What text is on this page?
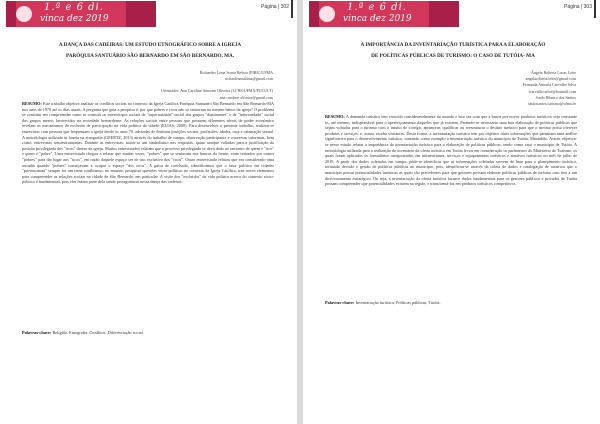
1.ª e 6 di.
vinca dez 2019
Página | 302
A DANÇA DAS CADEIRAS: UM ESTUDO ETNOGRÁFICO SOBRE A IGREJA
PARÓQUIA SANTUÁRIO SÃO BERNARDO EM SÃO BERNARDO, MA.
Richardes Lima Sousa Beleza (PIBIC/UFMA
richardesmsilima@gmail.com
Orientador: Ana Caroline Amorim Oliveira (LCHS/UFMA/PGCULT)
ana.caroline.oliveira@gmail.com
RESUMO: Este trabalho objetiva analisar os conflitos sociais no contexto da Igreja Católica Paróquia Santuário São Bernardo em São Bernardo-MA nos anos de 1970 até os dias atuais. A pergunta que guia a pesquisa é: por que pobres e ricos não se sentavam no mesmo banco da igreja? O problema se constitui em compreender como se constrói os estereótipos sociais de "superioridade" social dos grupos "dominantes" e de "inferioridade" social dos grupos menos favorecidos na sociedade bernardense. As relações sociais entre pessoas que possuem diferentes níveis de poder econômico revelam os mecanismos de exclusão de participação na vida política da cidade (ELIAS, 2000). Para desenvolver o presente trabalho, realizou-se entrevistas com pessoas que frequentam a igreja desde os anos 70, advindas de distintas posições sociais, profissões, idades, raça e orientação sexual. A metodologia utilizada se baseia na etnografia (GEERTZ, 2013) através do trabalho de campo, observação participante e conversas informais, bem como, entrevistas semiestruturadas. Durante as entrevistas, notou-se um simbolismo nas respostas, quase sempre voltadas para a justificação da posição privilegiada dos "ricos" dentro da igreja. Muitos entrevistados relatam que o processo privilegiado se deva dado ao encontro de quem é "rico" e quem é "pobre". Uma entrevistada chegou a relatar que muitas vezes, "pobres" que se sentavam nos bancos da frente, eram retirados por outros "pobres" para dar lugar aos "ricos", em razão daquele espaço ser de uso exclusivo dos "ricos". Outro entrevistado relatou que era considerado uma ousadia quando "pobres" começavam a ocupar o espaço "dos ricos". A guisa de conclusão, identificamos que o fator político em cidades "provincianas" sempre foi um tema conflituoso, no entanto, pesquisar questões sócio-políticas no contexto da Igreja Católica, traz novos elementos para compreender as relações sociais na cidade de São Bernardo, em particular. A visão dos "excluídos" da vida política acerca do contexto sócio-político é fundamental, pois eles fazem parte dela sendo protagonistas nessa dança das cadeiras.
Palavras-chave: Religião. Etnografia. Conflitos. Diferenciação social.
1.ª e 6 di.
vinca dez 2019
Página | 303
A IMPORTÂNCIA DA INVENTARIAÇÃO TURÍSTICA PARA A ELABORAÇÃO
DE POLÍTICAS PÚBLICAS DE TURISMO: O CASO DE TUTÓIA- MA
Ângela Roberta Lucas Leite
angelaroberta.leite@gmail.com
Fernanda Antonia Carvalho Silva
fcarvalho.silva@hotmail.com
Saulo Ribeiro dos Santos
saulosantos.turismo@ufma.br
RESUMO: A demanda turística tem crescido consideravelmente no mundo e isso faz com que a busca por novos produtos turísticos seja constante os, até mesmo, indispensável para o aperfeiçoamento daqueles que já existem. Partindo-se necessário uma boa elaboração de políticas públicas que sejam voltadas para o turismo com o intuito de corrigir, aprimorar, qualificar ou reestruturar o destino turístico para que o mesmo possa oferecer produtos e serviços, e, assim, receba visitantes. Desta forma, a inventariação turística tem por objetivo obter informações que permitam uma análise significativa para o desenvolvimento turístico, tornando como exemplo a inventariação turística do município de Tutóia, Maranhão. Assim, objetiva-se nesse estudo relatar a importância da inventariação turística para a elaboração de políticas públicas, tendo como caso o município de Tutóia. A metodologia utilizada para a realização do inventário da oferta turística em Tutóia levou em consideração os parâmetros do Ministério do Turismo, os quais foram aplicados os formulários categorizados em infraestrutura, serviços e equipamentos turísticos e atrativos turísticos no mês de julho de 2019. A partir dos dados coletados em campo, pôde-se identificar que as informações coletadas servem de base para o planejamento turístico, tornando decisão e gestão de políticas públicas no município, pois, identificou-se através da coleta de dados e catalogação de atrativos que o município possui potencialidades turísticas as quais são precedentes para que gestores possam elaborar políticas públicas de turismo com fins a um direcionamento estratégico. Ou seja, a inventariação da oferta turística fornece dados fundamentais para os gestores públicos e privados de Tutóia possam compreender que potencialidades existem na região, e transformá-las em produtos turísticos competitivos.
Palavras-chave: Inventariação turística; Políticas públicas; Tutóia.
